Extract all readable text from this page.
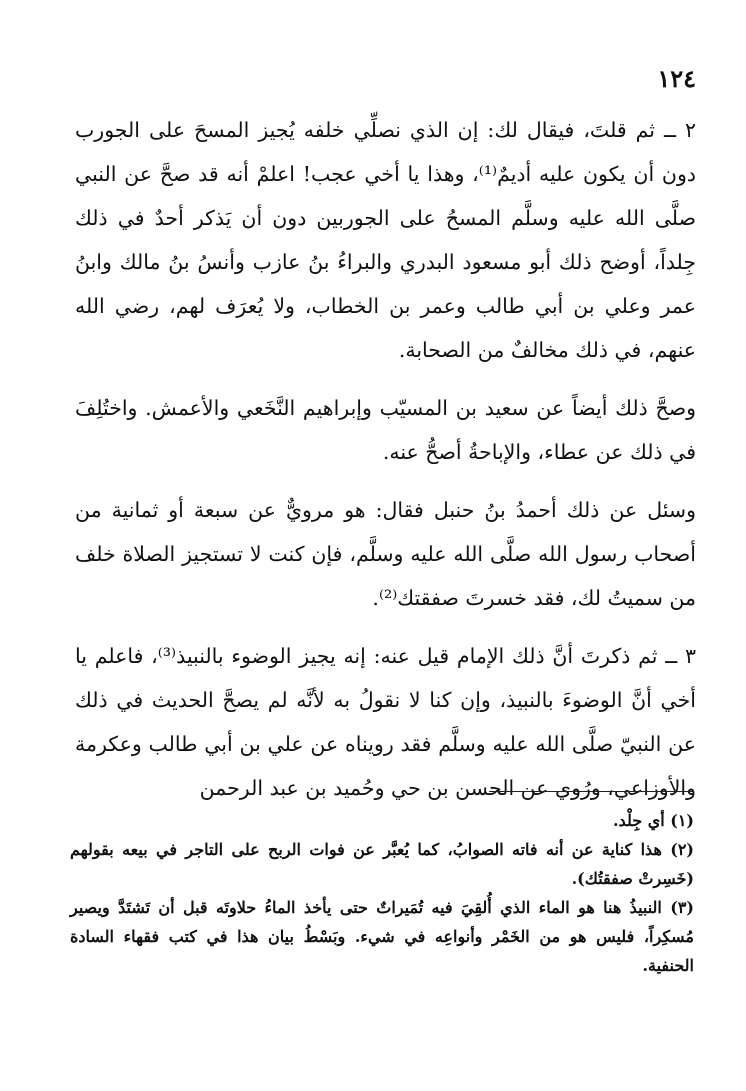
١٢٤

٢ ــ ثم قلتَ، فيقال لك: إن الذي نصلِّي خلفه يُجيز المسحَ على الجورب دون أن يكون عليه أديمٌ⁽¹⁾، وهذا يا أخي عجب! اعلمْ أنه قد صحَّ عن النبي صلَّى الله عليه وسلَّم المسحُ على الجوربين دون أن يَذكر أحدٌ في ذلك جِلداً، أوضح ذلك أبو مسعود البدري والبراءُ بنُ عازب وأنسُ بنُ مالك وابنُ عمر وعلي بن أبي طالب وعمر بن الخطاب، ولا يُعرَف لهم، رضي الله عنهم، في ذلك مخالفٌ من الصحابة.

وصحَّ ذلك أيضاً عن سعيد بن المسيّب وإبراهيم النَّخَعي والأعمش. واختُلِفَ في ذلك عن عطاء، والإباحةُ أصحُّ عنه.

وسئل عن ذلك أحمدُ بنُ حنبل فقال: هو مرويٌّ عن سبعة أو ثمانية من أصحاب رسول الله صلَّى الله عليه وسلَّم، فإن كنت لا تستجيز الصلاة خلف من سميتُ لك، فقد خسرتَ صفقتك⁽²⁾.

٣ ــ ثم ذكرتَ أنَّ ذلك الإمام قيل عنه: إنه يجيز الوضوء بالنبيذ⁽³⁾، فاعلم يا أخي أنَّ الوضوءَ بالنبيذ، وإن كنا لا نقولُ به لأنَّه لم يصحَّ الحديث في ذلك عن النبيّ صلَّى الله عليه وسلَّم فقد رويناه عن علي بن أبي طالب وعكرمة والأوزاعي، ورُوي عن الحسن بن حي وحُميد بن عبد الرحمن

(١) أي جِلْد.

(٢) هذا كناية عن أنه فاته الصوابُ، كما يُعبَّر عن فوات الربح على التاجر في بيعه بقولهم (خَسِرتْ صفقتُك).

(٣) النبيذُ هنا هو الماء الذي أُلقِيَ فيه تُمَيراتٌ حتى يأخذ الماءُ حلاوتَه قبل أن تَشتَدَّ ويصير مُسكِراً، فليس هو من الخَمْر وأنواعِه في شيء. وبَسْطُ بيان هذا في كتب فقهاء السادة الحنفية.
